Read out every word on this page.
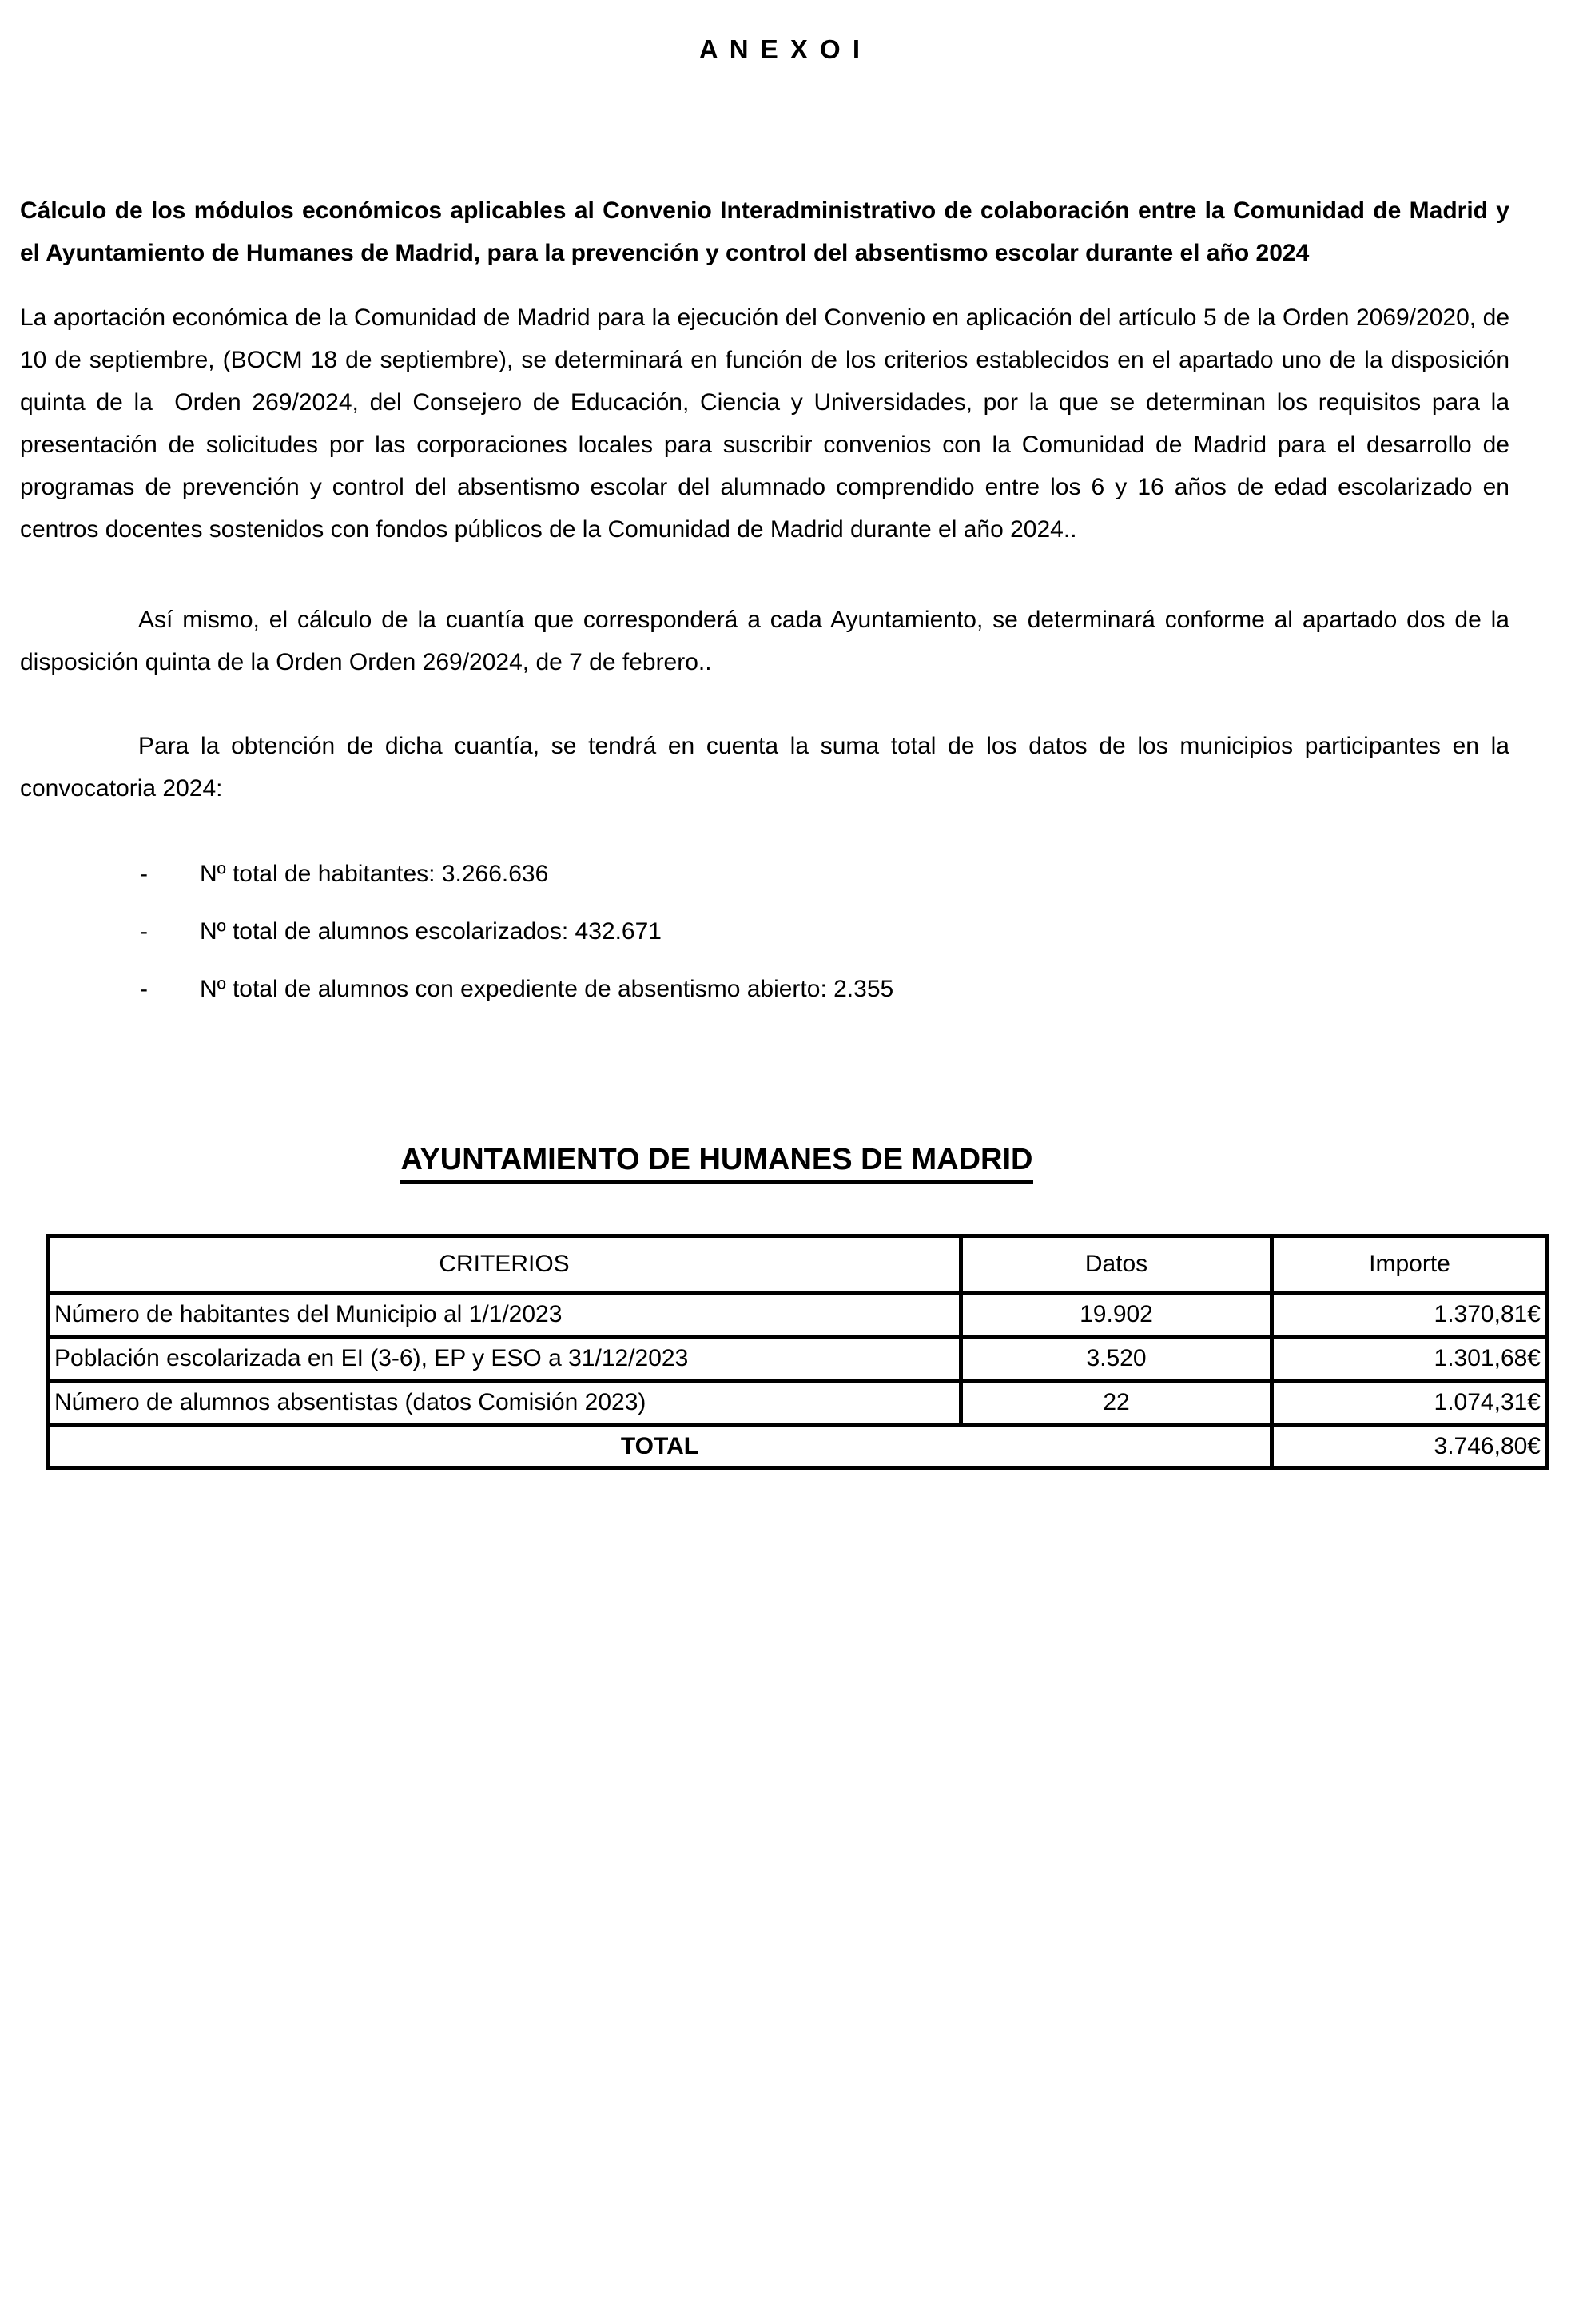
A N E X O I

Cálculo de los módulos económicos aplicables al Convenio Interadministrativo de colaboración entre la Comunidad de Madrid y el Ayuntamiento de Humanes de Madrid, para la prevención y control del absentismo escolar durante el año 2024

La aportación económica de la Comunidad de Madrid para la ejecución del Convenio en aplicación del artículo 5 de la Orden 2069/2020, de 10 de septiembre, (BOCM 18 de septiembre), se determinará en función de los criterios establecidos en el apartado uno de la disposición quinta de la  Orden 269/2024, del Consejero de Educación, Ciencia y Universidades, por la que se determinan los requisitos para la presentación de solicitudes por las corporaciones locales para suscribir convenios con la Comunidad de Madrid para el desarrollo de programas de prevención y control del absentismo escolar del alumnado comprendido entre los 6 y 16 años de edad escolarizado en centros docentes sostenidos con fondos públicos de la Comunidad de Madrid durante el año 2024..

Así mismo, el cálculo de la cuantía que corresponderá a cada Ayuntamiento, se determinará conforme al apartado dos de la disposición quinta de la Orden Orden 269/2024, de 7 de febrero..

Para la obtención de dicha cuantía, se tendrá en cuenta la suma total de los datos de los municipios participantes en la convocatoria 2024:

-	Nº total de habitantes: 3.266.636
-	Nº total de alumnos escolarizados: 432.671
-	Nº total de alumnos con expediente de absentismo abierto: 2.355
AYUNTAMIENTO DE HUMANES DE MADRID
CRITERIOS	Datos	Importe
Número de habitantes del Municipio al 1/1/2023	19.902	1.370,81€
Población escolarizada en EI (3-6), EP y ESO a 31/12/2023	3.520	1.301,68€
Número de alumnos absentistas (datos Comisión 2023)	22	1.074,31€
TOTAL		3.746,80€
